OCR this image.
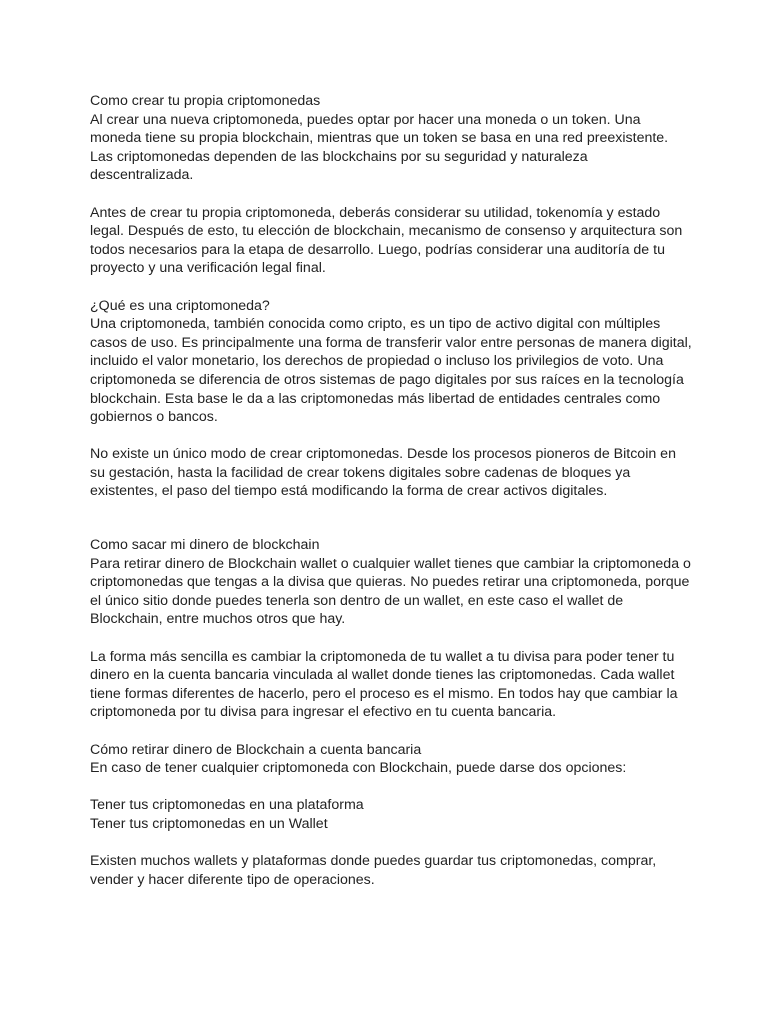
Como crear tu propia criptomonedas
Al crear una nueva criptomoneda, puedes optar por hacer una moneda o un token. Una
moneda tiene su propia blockchain, mientras que un token se basa en una red preexistente.
Las criptomonedas dependen de las blockchains por su seguridad y naturaleza
descentralizada.
Antes de crear tu propia criptomoneda, deberás considerar su utilidad, tokenomía y estado
legal. Después de esto, tu elección de blockchain, mecanismo de consenso y arquitectura son
todos necesarios para la etapa de desarrollo. Luego, podrías considerar una auditoría de tu
proyecto y una verificación legal final.
¿Qué es una criptomoneda?
Una criptomoneda, también conocida como cripto, es un tipo de activo digital con múltiples
casos de uso. Es principalmente una forma de transferir valor entre personas de manera digital,
incluido el valor monetario, los derechos de propiedad o incluso los privilegios de voto. Una
criptomoneda se diferencia de otros sistemas de pago digitales por sus raíces en la tecnología
blockchain. Esta base le da a las criptomonedas más libertad de entidades centrales como
gobiernos o bancos.
No existe un único modo de crear criptomonedas. Desde los procesos pioneros de Bitcoin en
su gestación, hasta la facilidad de crear tokens digitales sobre cadenas de bloques ya
existentes, el paso del tiempo está modificando la forma de crear activos digitales.
Como sacar mi dinero de blockchain
Para retirar dinero de Blockchain wallet o cualquier wallet tienes que cambiar la criptomoneda o
criptomonedas que tengas a la divisa que quieras. No puedes retirar una criptomoneda, porque
el único sitio donde puedes tenerla son dentro de un wallet, en este caso el wallet de
Blockchain, entre muchos otros que hay.
La forma más sencilla es cambiar la criptomoneda de tu wallet a tu divisa para poder tener tu
dinero en la cuenta bancaria vinculada al wallet donde tienes las criptomonedas. Cada wallet
tiene formas diferentes de hacerlo, pero el proceso es el mismo. En todos hay que cambiar la
criptomoneda por tu divisa para ingresar el efectivo en tu cuenta bancaria.
Cómo retirar dinero de Blockchain a cuenta bancaria
En caso de tener cualquier criptomoneda con Blockchain, puede darse dos opciones:
Tener tus criptomonedas en una plataforma
Tener tus criptomonedas en un Wallet
Existen muchos wallets y plataformas donde puedes guardar tus criptomonedas, comprar,
vender y hacer diferente tipo de operaciones.
